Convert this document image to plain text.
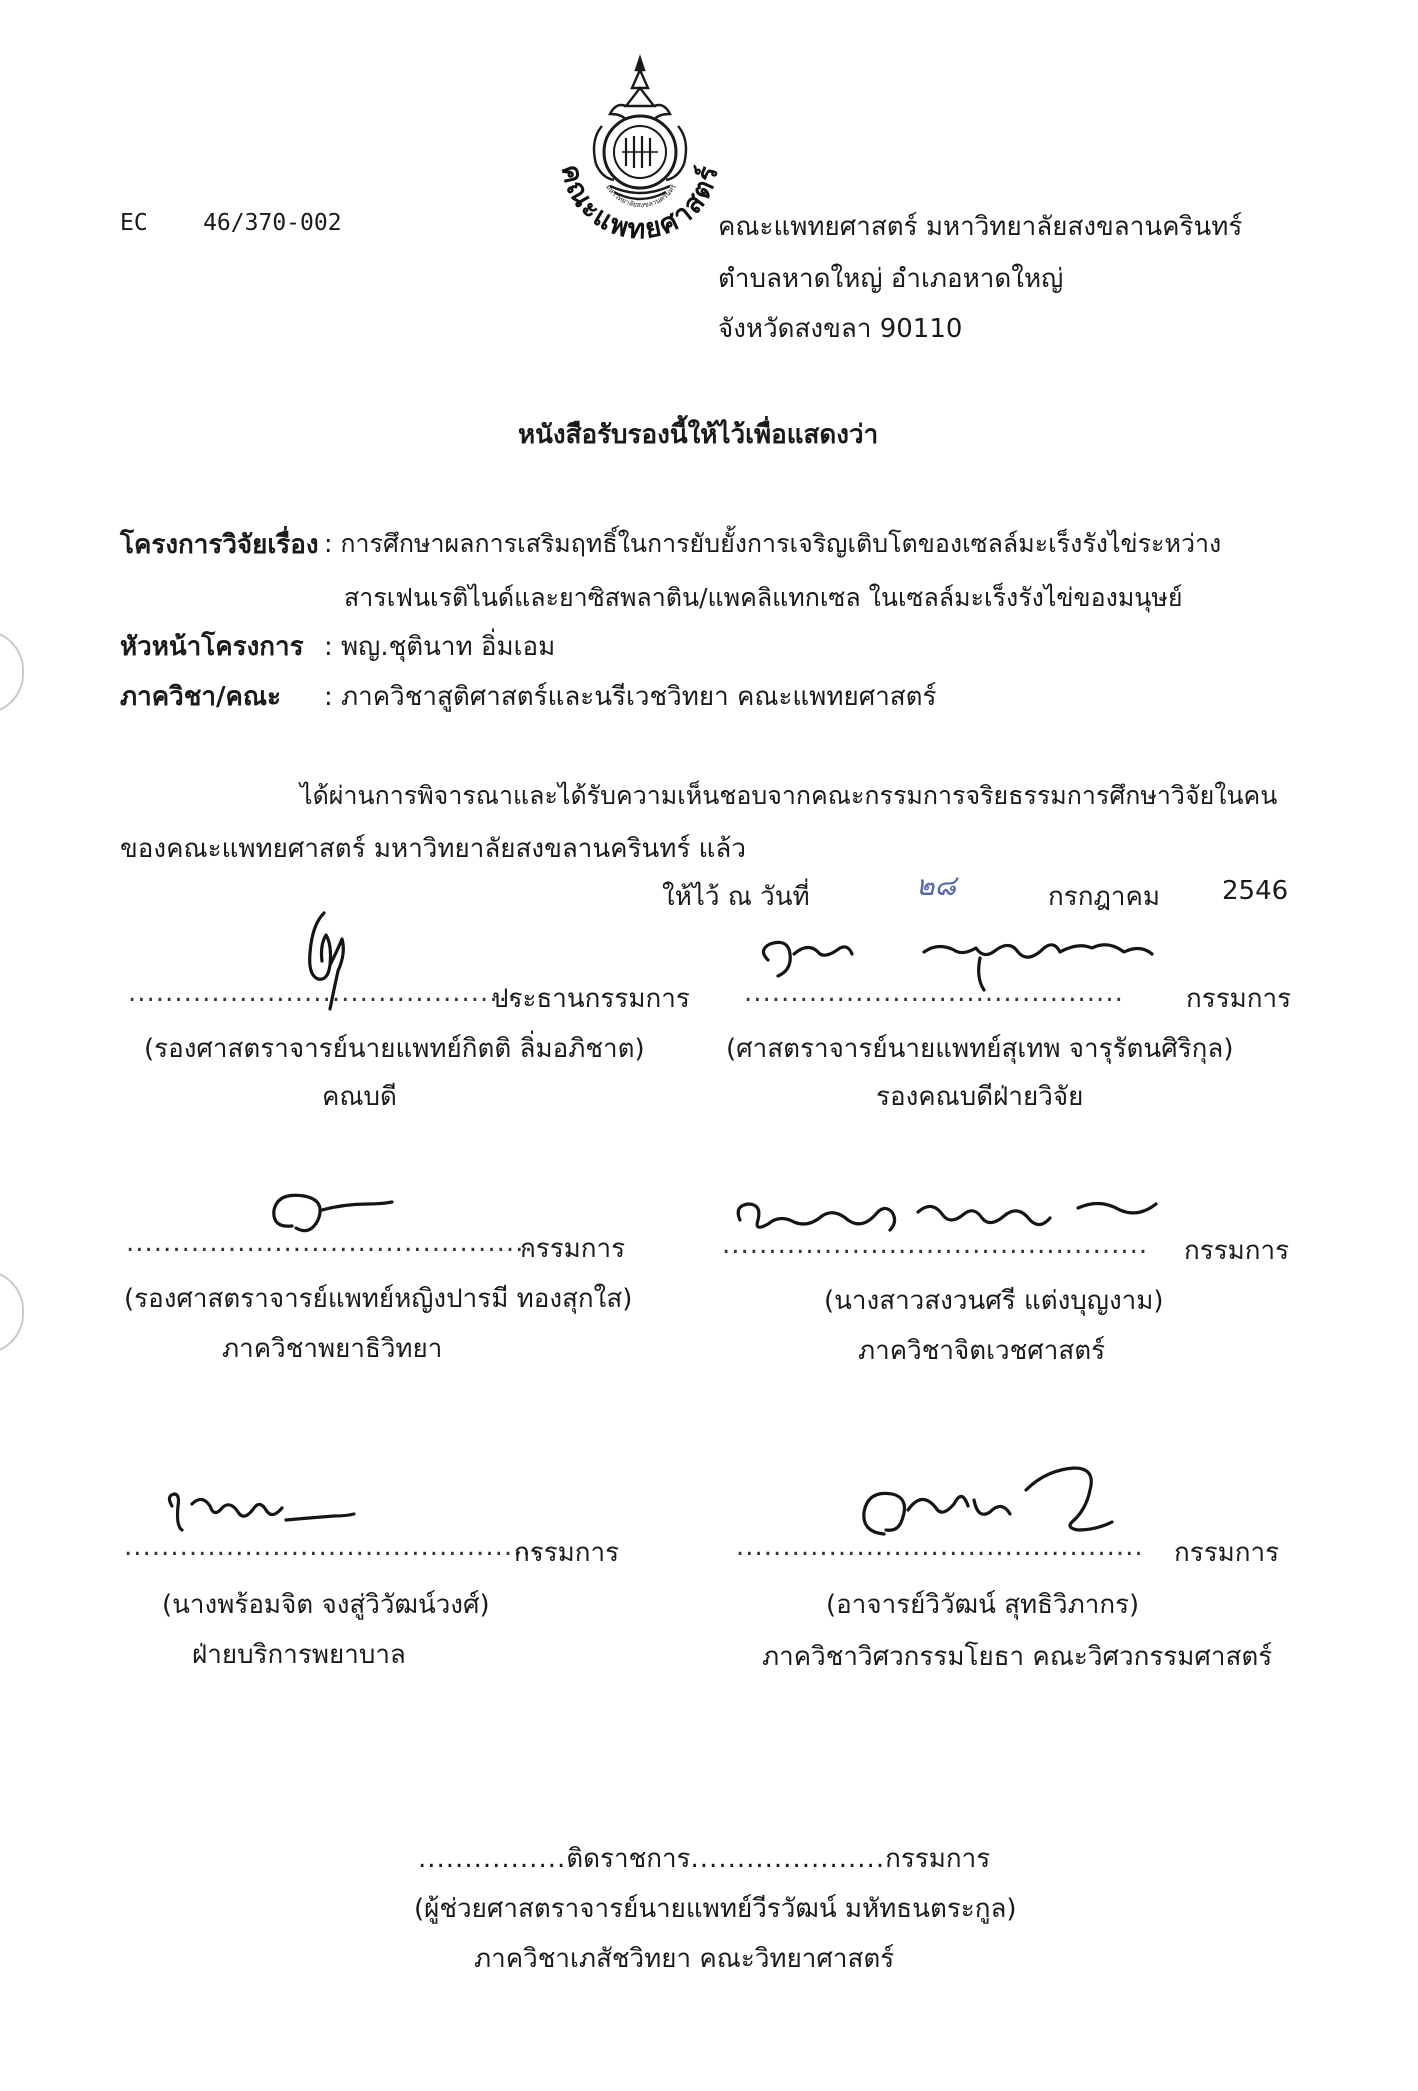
คณะแพทยศาสตร์
มหาวิทยาลัยสงขลานครินทร์
EC    46/370-002	คณะแพทยศาสตร์ มหาวิทยาลัยสงขลานครินทร์
ตำบลหาดใหญ่ อำเภอหาดใหญ่
จังหวัดสงขลา 90110
หนังสือรับรองนี้ให้ไว้เพื่อแสดงว่า
โครงการวิจัยเรื่อง : การศึกษาผลการเสริมฤทธิ์ในการยับยั้งการเจริญเติบโตของเซลล์มะเร็งรังไข่ระหว่าง
สารเฟนเรติไนด์และยาซิสพลาติน/แพคลิแทกเซล ในเซลล์มะเร็งรังไข่ของมนุษย์
หัวหน้าโครงการ : พญ.ชุตินาท อิ่มเอม
ภาควิชา/คณะ : ภาควิชาสูติศาสตร์และนรีเวชวิทยา คณะแพทยศาสตร์
ได้ผ่านการพิจารณาและได้รับความเห็นชอบจากคณะกรรมการจริยธรรมการศึกษาวิจัยในคน
ของคณะแพทยศาสตร์ มหาวิทยาลัยสงขลานครินทร์ แล้ว
ให้ไว้ ณ วันที่	๒๘	กรกฎาคม 2546
..........................................
ประธานกรรมการ
(รองศาสตราจารย์นายแพทย์กิตติ ลิ่มอภิชาต)
คณบดี
......................................... กรรมการ
(ศาสตราจารย์นายแพทย์สุเทพ จารุรัตนศิริกุล)
รองคณบดีฝ่ายวิจัย
............................................
กรรมการ
(รองศาสตราจารย์แพทย์หญิงปารมี ทองสุกใส)
ภาควิชาพยาธิวิทยา
.............................................. กรรมการ
(นางสาวสงวนศรี แต่งบุญงาม)
ภาควิชาจิตเวชศาสตร์
.............................................
กรรมการ
(นางพร้อมจิต จงสู่วิวัฒน์วงศ์)
ฝ่ายบริการพยาบาล
............................................ กรรมการ
(อาจารย์วิวัฒน์ สุทธิวิภากร)
ภาควิชาวิศวกรรมโยธา คณะวิศวกรรมศาสตร์
................ติดราชการ.....................กรรมการ
(ผู้ช่วยศาสตราจารย์นายแพทย์วีรวัฒน์ มหัทธนตระกูล)
ภาควิชาเภสัชวิทยา คณะวิทยาศาสตร์
